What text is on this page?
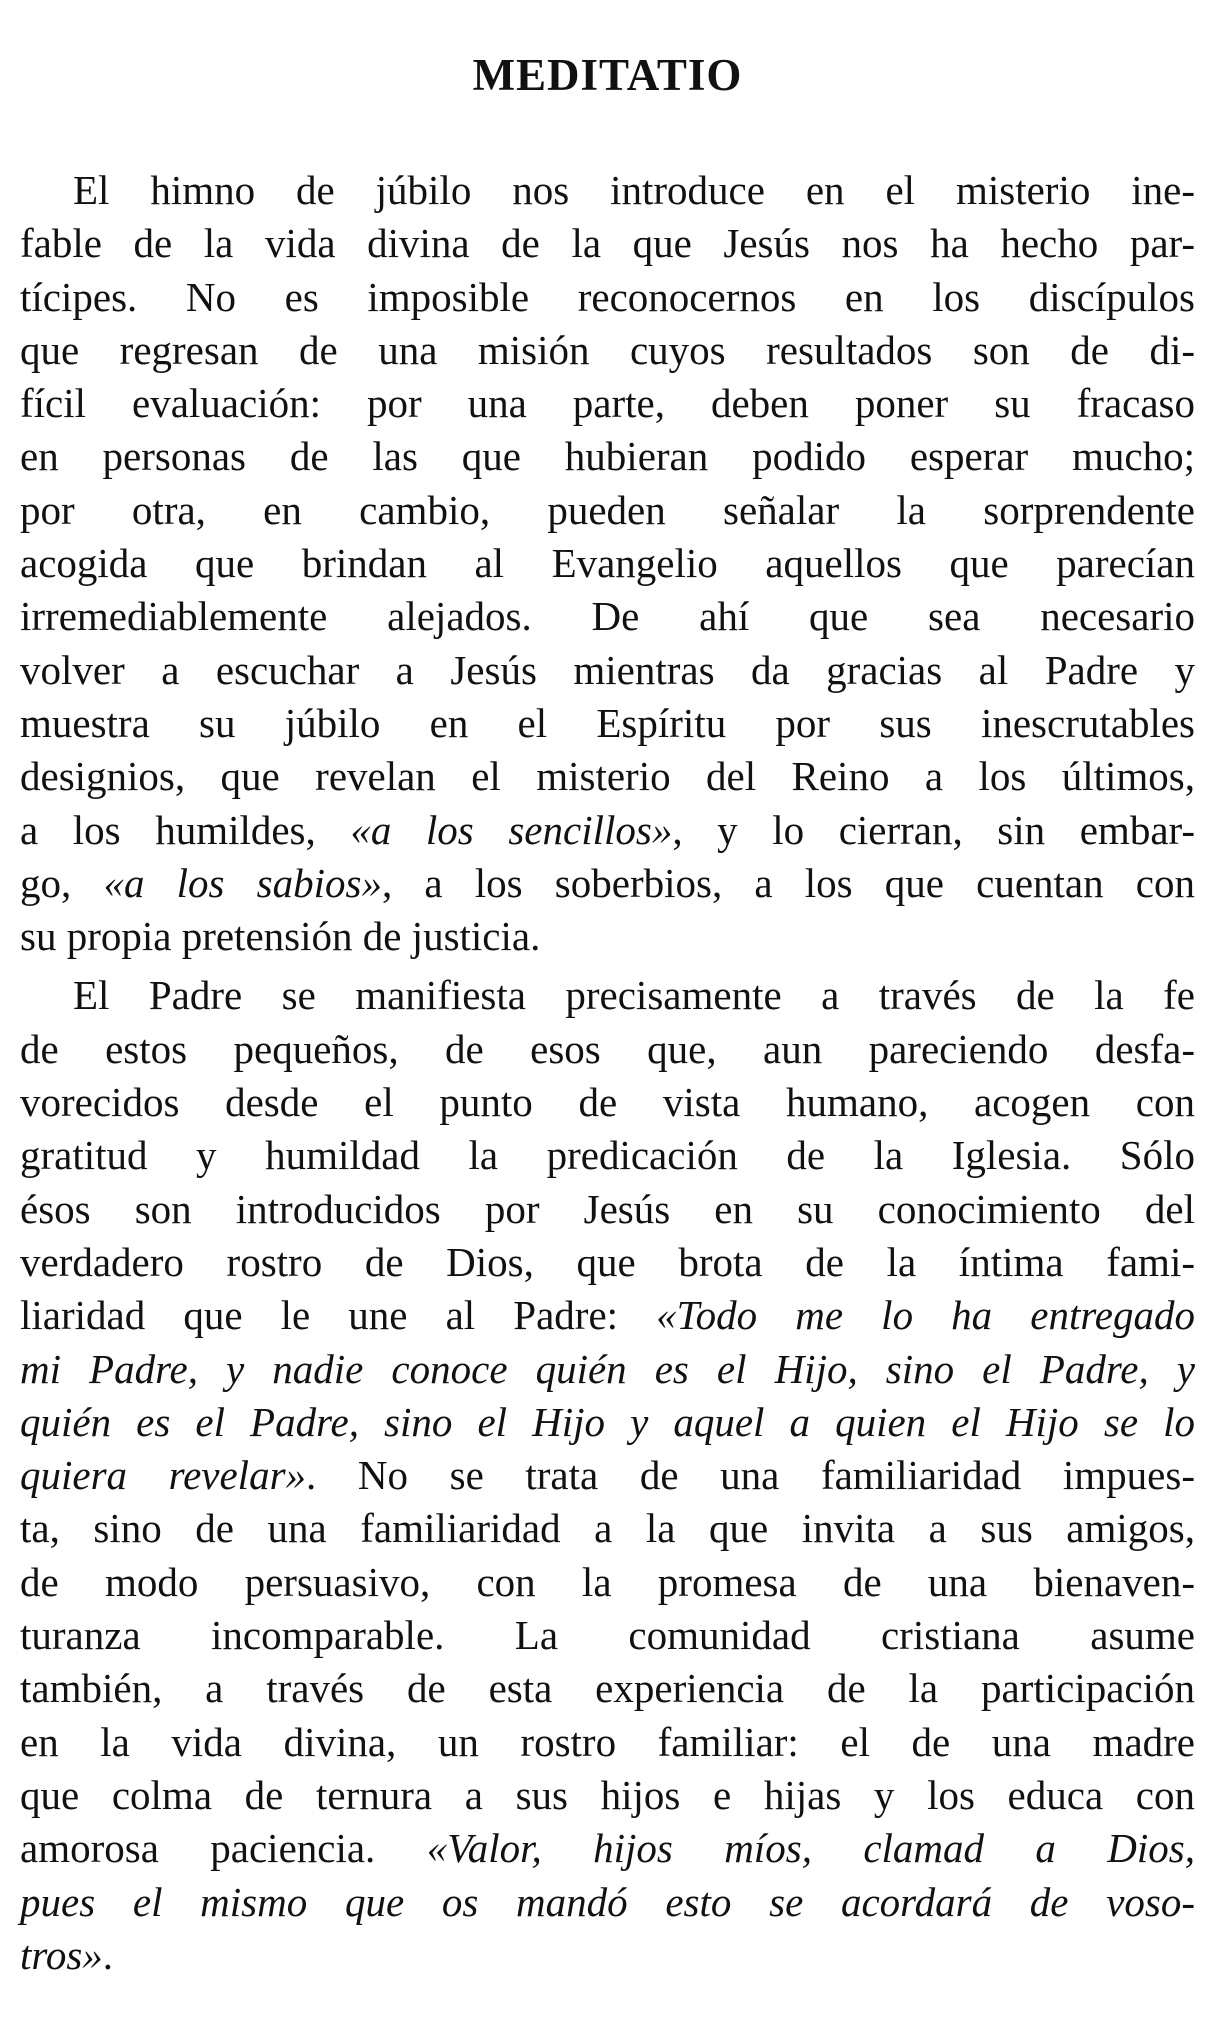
MEDITATIO
El himno de júbilo nos introduce en el misterio ine-
fable de la vida divina de la que Jesús nos ha hecho par-
tícipes. No es imposible reconocernos en los discípulos
que regresan de una misión cuyos resultados son de di-
fícil evaluación: por una parte, deben poner su fracaso
en personas de las que hubieran podido esperar mucho;
por otra, en cambio, pueden señalar la sorprendente
acogida que brindan al Evangelio aquellos que parecían
irremediablemente alejados. De ahí que sea necesario
volver a escuchar a Jesús mientras da gracias al Padre y
muestra su júbilo en el Espíritu por sus inescrutables
designios, que revelan el misterio del Reino a los últimos,
a los humildes, «a los sencillos», y lo cierran, sin embar-
go, «a los sabios», a los soberbios, a los que cuentan con
su propia pretensión de justicia.
El Padre se manifiesta precisamente a través de la fe
de estos pequeños, de esos que, aun pareciendo desfa-
vorecidos desde el punto de vista humano, acogen con
gratitud y humildad la predicación de la Iglesia. Sólo
ésos son introducidos por Jesús en su conocimiento del
verdadero rostro de Dios, que brota de la íntima fami-
liaridad que le une al Padre: «Todo me lo ha entregado
mi Padre, y nadie conoce quién es el Hijo, sino el Padre, y
quién es el Padre, sino el Hijo y aquel a quien el Hijo se lo
quiera revelar». No se trata de una familiaridad impues-
ta, sino de una familiaridad a la que invita a sus amigos,
de modo persuasivo, con la promesa de una bienaven-
turanza incomparable. La comunidad cristiana asume
también, a través de esta experiencia de la participación
en la vida divina, un rostro familiar: el de una madre
que colma de ternura a sus hijos e hijas y los educa con
amorosa paciencia. «Valor, hijos míos, clamad a Dios,
pues el mismo que os mandó esto se acordará de voso-
tros».
